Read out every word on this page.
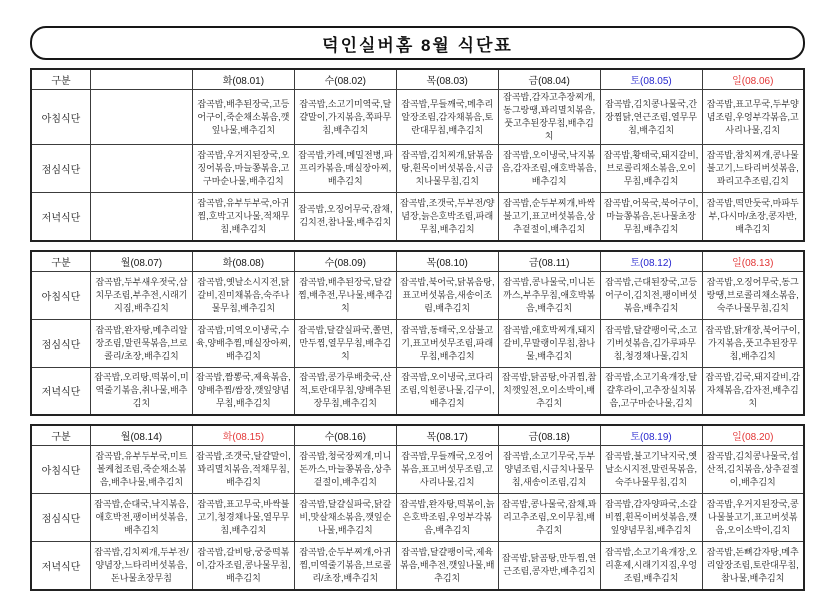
덕인실버홈 8월 식단표
구분		화(08.01)	수(08.02)	목(08.03)	금(08.04)	토(08.05)	일(08.06)
아침식단		잡곡밥,배추된장국,고등어구이,죽순채소볶음,깻잎나물,배추김치	잡곡밥,소고기미역국,달걀말이,가지볶음,쪽파무침,배추김치	잡곡밥,무들깨국,메추리알장조림,감자채볶음,토란대무침,배추김치	잡곡밥,감자고추장찌개,동그랑땡,꽈리멸치볶음,풋고추된장무침,배추김치	잡곡밥,김치콩나물국,간장찜닭,연근조림,열무무침,배추김치	잡곡밥,표고무국,두부양념조림,우엉부각볶음,고사리나물,김치
점심식단		잡곡밥,우거지된장국,오징어볶음,마늘쫑볶음,고구마순나물,배추김치	잡곡밥,카레,메밀전병,파프리카볶음,매실장아찌,배추김치	잡곡밥,김치찌개,닭볶음탕,흰목이버섯볶음,시금치나물무침,김치	잡곡밥,오이냉국,낙지볶음,감자조림,애호박볶음,배추김치	잡곡밥,황태국,돼지갈비,브로콜리채소볶음,오이무침,배추김치	잡곡밥,참치찌개,콩나물불고기,느타리버섯볶음,꽈리고추조림,김치
저녁식단		잡곡밥,유부두부국,아귀찜,호박고지나물,적채무침,배추김치	잡곡밥,오징어무국,잡채,김치전,참나물,배추김치	잡곡밥,조갯국,두부전/양념장,늙은호박조림,파래무침,배추김치	잡곡밥,순두부찌개,바싹불고기,표고버섯볶음,상추겉절이,배추김치	잡곡밥,어묵국,북어구이,마늘쫑볶음,돈나물초장무침,배추김치	잡곡밥,떡만둣국,마파두부,다시마/초장,콩자반,배추김치
구분	월(08.07)	화(08.08)	수(08.09)	목(08.10)	금(08.11)	토(08.12)	일(08.13)
아침식단	잡곡밥,두부새우젓국,삼치무조림,부추전,시래기지짐,배추김치	잡곡밥,옛날소시지전,닭갈비,진미채볶음,숙주나물무침,배추김치	잡곡밥,배추된장국,달걀찜,배추전,무나물,배추김치	잡곡밥,북어국,닭볶음탕,표고버섯볶음,새송이조림,배추김치	잡곡밥,콩나물국,미니돈까스,부추무침,애호박볶음,배추김치	잡곡밥,근대된장국,고등어구이,김치전,팽이버섯볶음,배추김치	잡곡밥,오징어무국,동그랑땡,브로콜리채소볶음,숙주나물무침,김치
점심식단	잡곡밥,완자탕,메추리알장조림,말린묵볶음,브로콜리/초장,배추김치	잡곡밥,미역오이냉국,수육,양배추찜,매실장아찌,배추김치	잡곡밥,달걀실파국,쫄면,만두찜,열무무침,배추김치	잡곡밥,동태국,오삼불고기,표고버섯무조림,파래무침,배추김치	잡곡밥,애호박찌개,돼지갈비,무말랭이무침,참나물,배추김치	잡곡밥,달걀팽이국,소고기버섯볶음,김가루파무침,청경채나물,김치	잡곡밥,닭개장,북어구이,가지볶음,풋고추된장무침,배추김치
저녁식단	잡곡밥,오리탕,떡볶이,미역줄기볶음,취나물,배추김치	잡곡밥,짬뽕국,제육볶음,양배추찜/쌈장,깻잎양념무침,배추김치	잡곡밥,콩가루배춧국,산적,토란대무침,양배추된장무침,배추김치	잡곡밥,오이냉국,코다리조림,익힌콩나물,김구이,배추김치	잡곡밥,닭곰탕,아귀찜,참치깻잎전,오이소박이,배추김치	잡곡밥,소고기육개장,달걀후라이,고추장실치볶음,고구마순나물,김치	잡곡밥,김국,돼지갈비,감자채볶음,감자전,배추김치
구분	월(08.14)	화(08.15)	수(08.16)	목(08.17)	금(08.18)	토(08.19)	일(08.20)
아침식단	잡곡밥,유부두부국,미트볼케첩조림,죽순채소볶음,배추나물,배추김치	잡곡밥,조갯국,달걀말이,꽈리멸치볶음,적채무침,배추김치	잡곡밥,청국장찌개,미니돈까스,마늘쫑볶음,상추겉절이,배추김치	잡곡밥,무들깨국,오징어볶음,표고버섯무조림,고사리나물,김치	잡곡밥,소고기무국,두부양념조림,시금치나물무침,새송이조림,김치	잡곡밥,불고기낙지국,옛날소시지전,말린묵볶음,숙주나물무침,김치	잡곡밥,김치콩나물국,섭산적,김치볶음,상추겉절이,배추김치
점심식단	잡곡밥,순대국,낙지볶음,애호박전,팽이버섯볶음,배추김치	잡곡밥,표고무국,바싹불고기,청경채나물,열무무침,배추김치	잡곡밥,달걀실파국,닭갈비,맛살채소볶음,깻잎순나물,배추김치	잡곡밥,완자탕,떡볶이,늙은호박조림,우엉부각볶음,배추김치	잡곡밥,콩나물국,잡채,꽈리고추조림,오이무침,배추김치	잡곡밥,감자양파국,소갈비찜,흰목이버섯볶음,깻잎양념무침,배추김치	잡곡밥,우거지된장국,콩나물불고기,표고버섯볶음,오이소박이,김치
저녁식단	잡곡밥,김치찌개,두부전/양념장,느타리버섯볶음,돈나물초장무침	잡곡밥,갈비탕,궁중떡볶이,감자조림,콩나물무침,배추김치	잡곡밥,순두부찌개,아귀찜,미역줄기볶음,브로콜리/초장,배추김치	잡곡밥,달걀팽이국,제육볶음,배추전,깻잎나물,배추김치	잡곡밥,닭곰탕,만두찜,연근조림,콩자반,배추김치	잡곡밥,소고기육개장,오리훈제,시래기지짐,우엉조림,배추김치	잡곡밥,돈뼈감자탕,메추리알장조림,토란대무침,참나물,배추김치
